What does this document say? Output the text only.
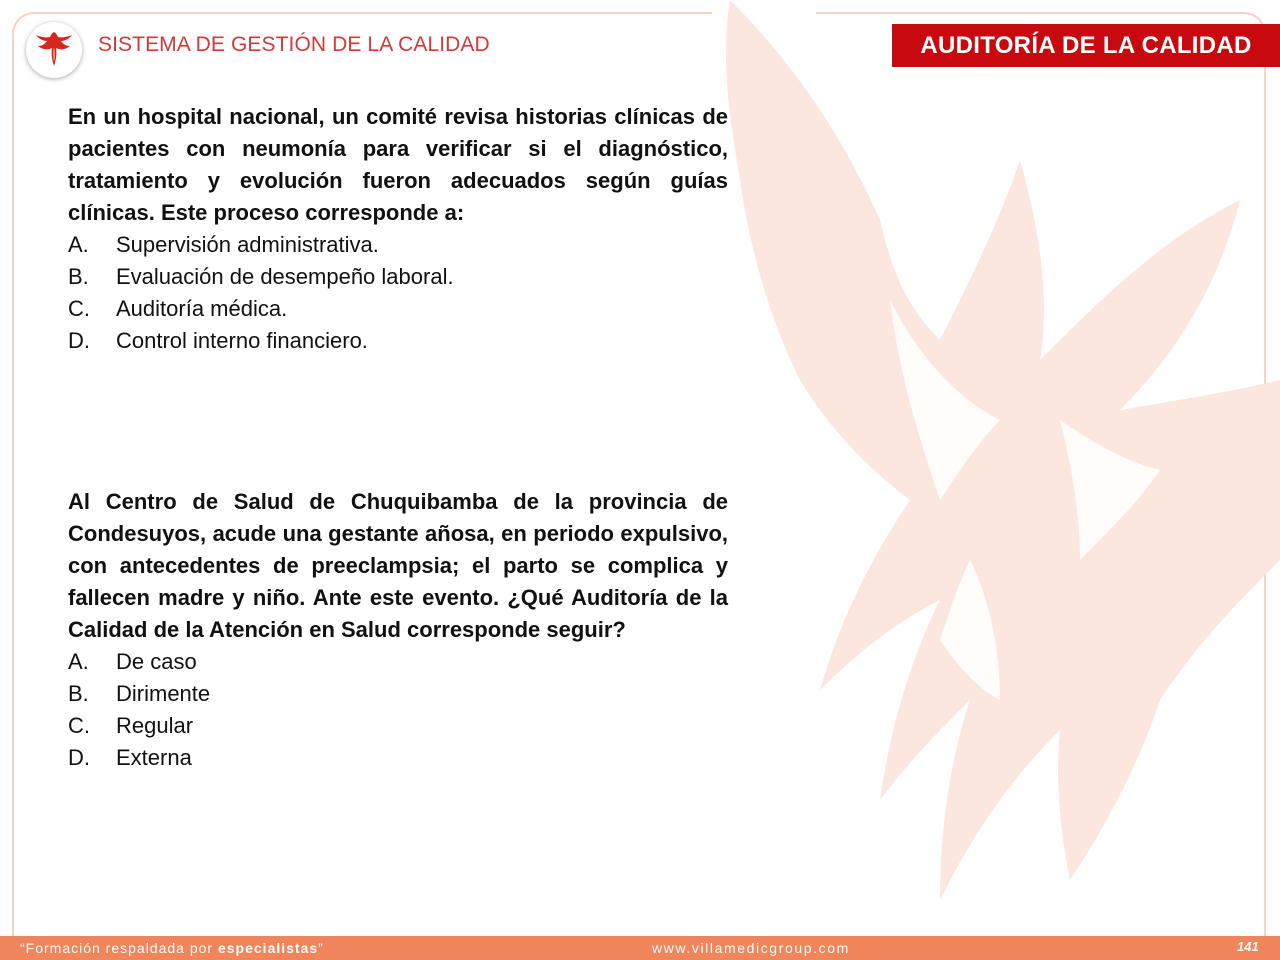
SISTEMA DE GESTIÓN DE LA CALIDAD	AUDITORÍA DE LA CALIDAD
En un hospital nacional, un comité revisa historias clínicas de pacientes con neumonía para verificar si el diagnóstico, tratamiento y evolución fueron adecuados según guías clínicas. Este proceso corresponde a:
A.	Supervisión administrativa.
B.	Evaluación de desempeño laboral.
C.	Auditoría médica.
D.	Control interno financiero.
Al Centro de Salud de Chuquibamba de la provincia de Condesuyos, acude una gestante añosa, en periodo expulsivo, con antecedentes de preeclampsia; el parto se complica y fallecen madre y niño. Ante este evento. ¿Qué Auditoría de la Calidad de la Atención en Salud corresponde seguir?
A.	De caso
B.	Dirimente
C.	Regular
D.	Externa
“Formación respaldada por especialistas”	www.villamedicgroup.com	141
